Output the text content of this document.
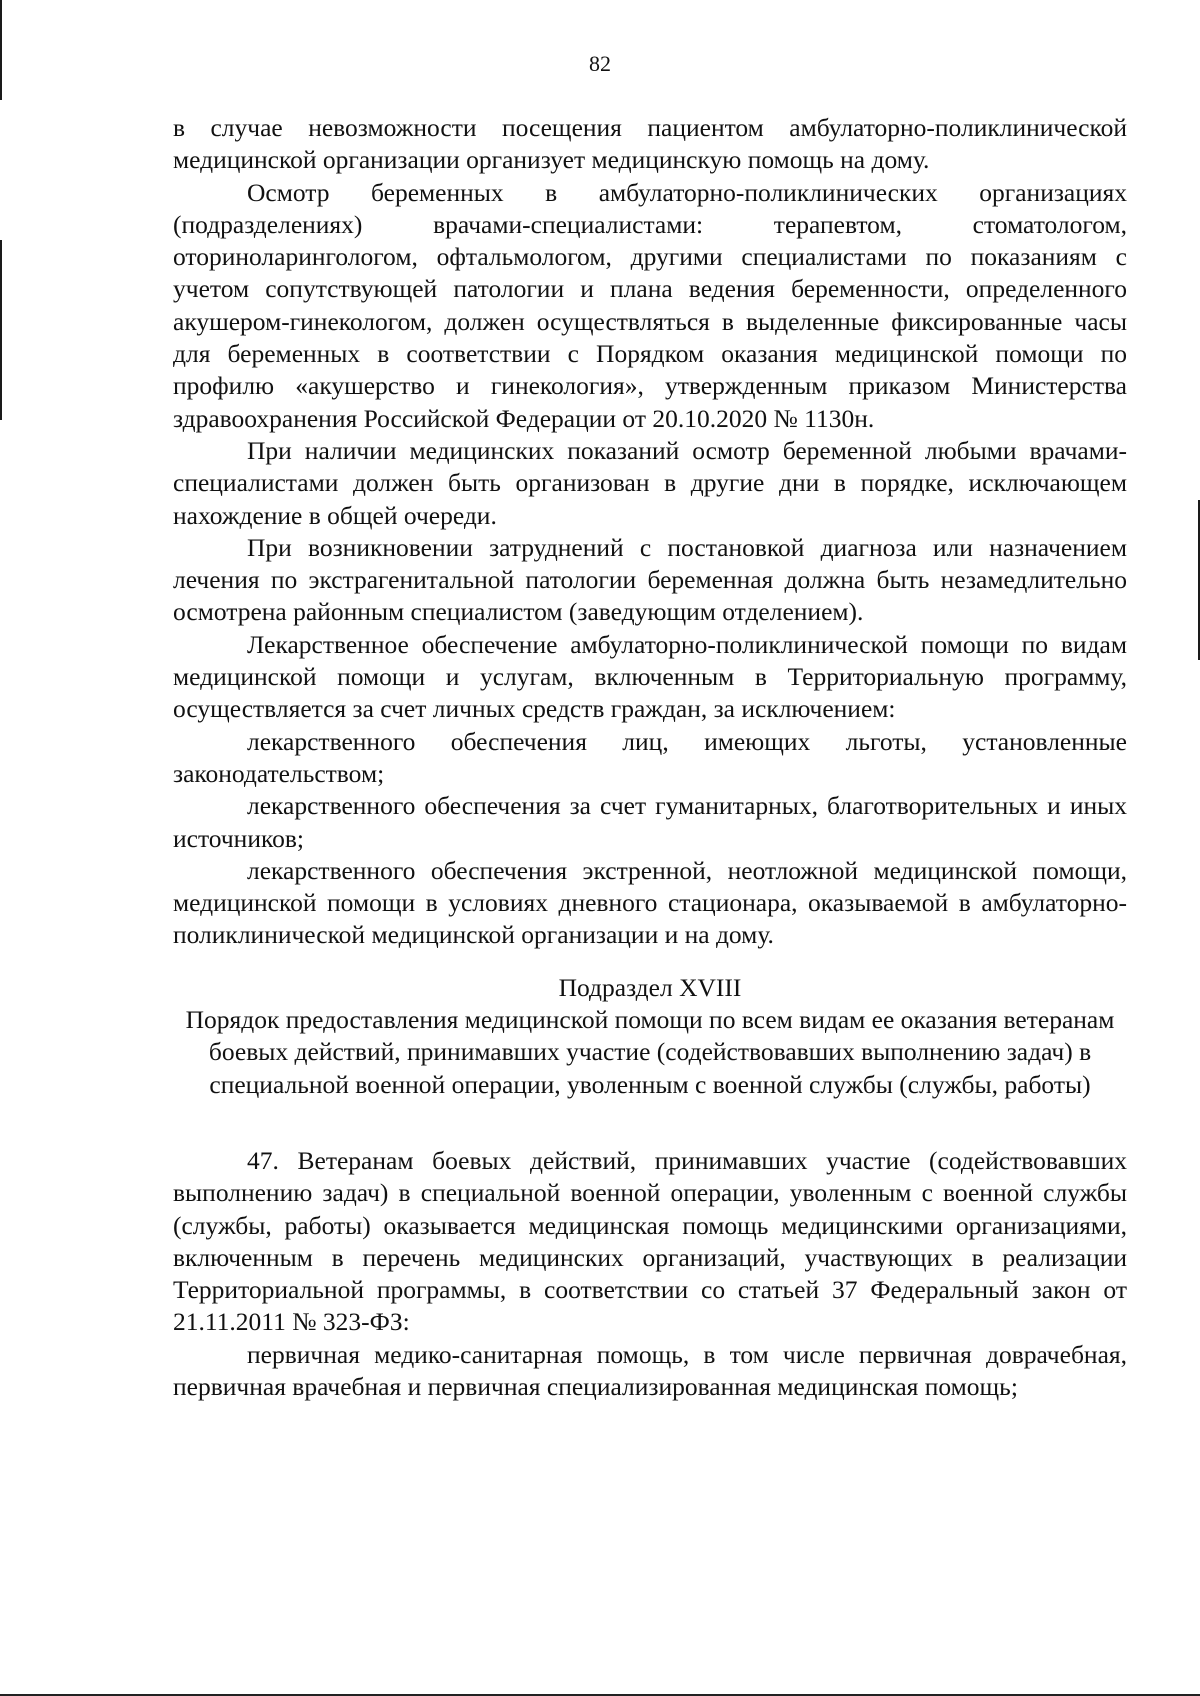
82

в случае невозможности посещения пациентом амбулаторно-поликлинической медицинской организации организует медицинскую помощь на дому.

Осмотр беременных в амбулаторно-поликлинических организациях (подразделениях) врачами-специалистами: терапевтом, стоматологом, оториноларингологом, офтальмологом, другими специалистами по показаниям с учетом сопутствующей патологии и плана ведения беременности, определенного акушером-гинекологом, должен осуществляться в выделенные фиксированные часы для беременных в соответствии с Порядком оказания медицинской помощи по профилю «акушерство и гинекология», утвержденным приказом Министерства здравоохранения Российской Федерации от 20.10.2020 № 1130н.

При наличии медицинских показаний осмотр беременной любыми врачами-специалистами должен быть организован в другие дни в порядке, исключающем нахождение в общей очереди.

При возникновении затруднений с постановкой диагноза или назначением лечения по экстрагенитальной патологии беременная должна быть незамедлительно осмотрена районным специалистом (заведующим отделением).

Лекарственное обеспечение амбулаторно-поликлинической помощи по видам медицинской помощи и услугам, включенным в Территориальную программу, осуществляется за счет личных средств граждан, за исключением:

лекарственного обеспечения лиц, имеющих льготы, установленные законодательством;

лекарственного обеспечения за счет гуманитарных, благотворительных и иных источников;

лекарственного обеспечения экстренной, неотложной медицинской помощи, медицинской помощи в условиях дневного стационара, оказываемой в амбулаторно-поликлинической медицинской организации и на дому.

Подраздел XVIII

Порядок предоставления медицинской помощи по всем видам ее оказания ветеранам боевых действий, принимавших участие (содействовавших выполнению задач) в специальной военной операции, уволенным с военной службы (службы, работы)

47. Ветеранам боевых действий, принимавших участие (содействовавших выполнению задач) в специальной военной операции, уволенным с военной службы (службы, работы) оказывается медицинская помощь медицинскими организациями, включенным в перечень медицинских организаций, участвующих в реализации Территориальной программы, в соответствии со статьей 37 Федеральный закон от 21.11.2011 № 323-ФЗ:

первичная медико-санитарная помощь, в том числе первичная доврачебная, первичная врачебная и первичная специализированная медицинская помощь;
